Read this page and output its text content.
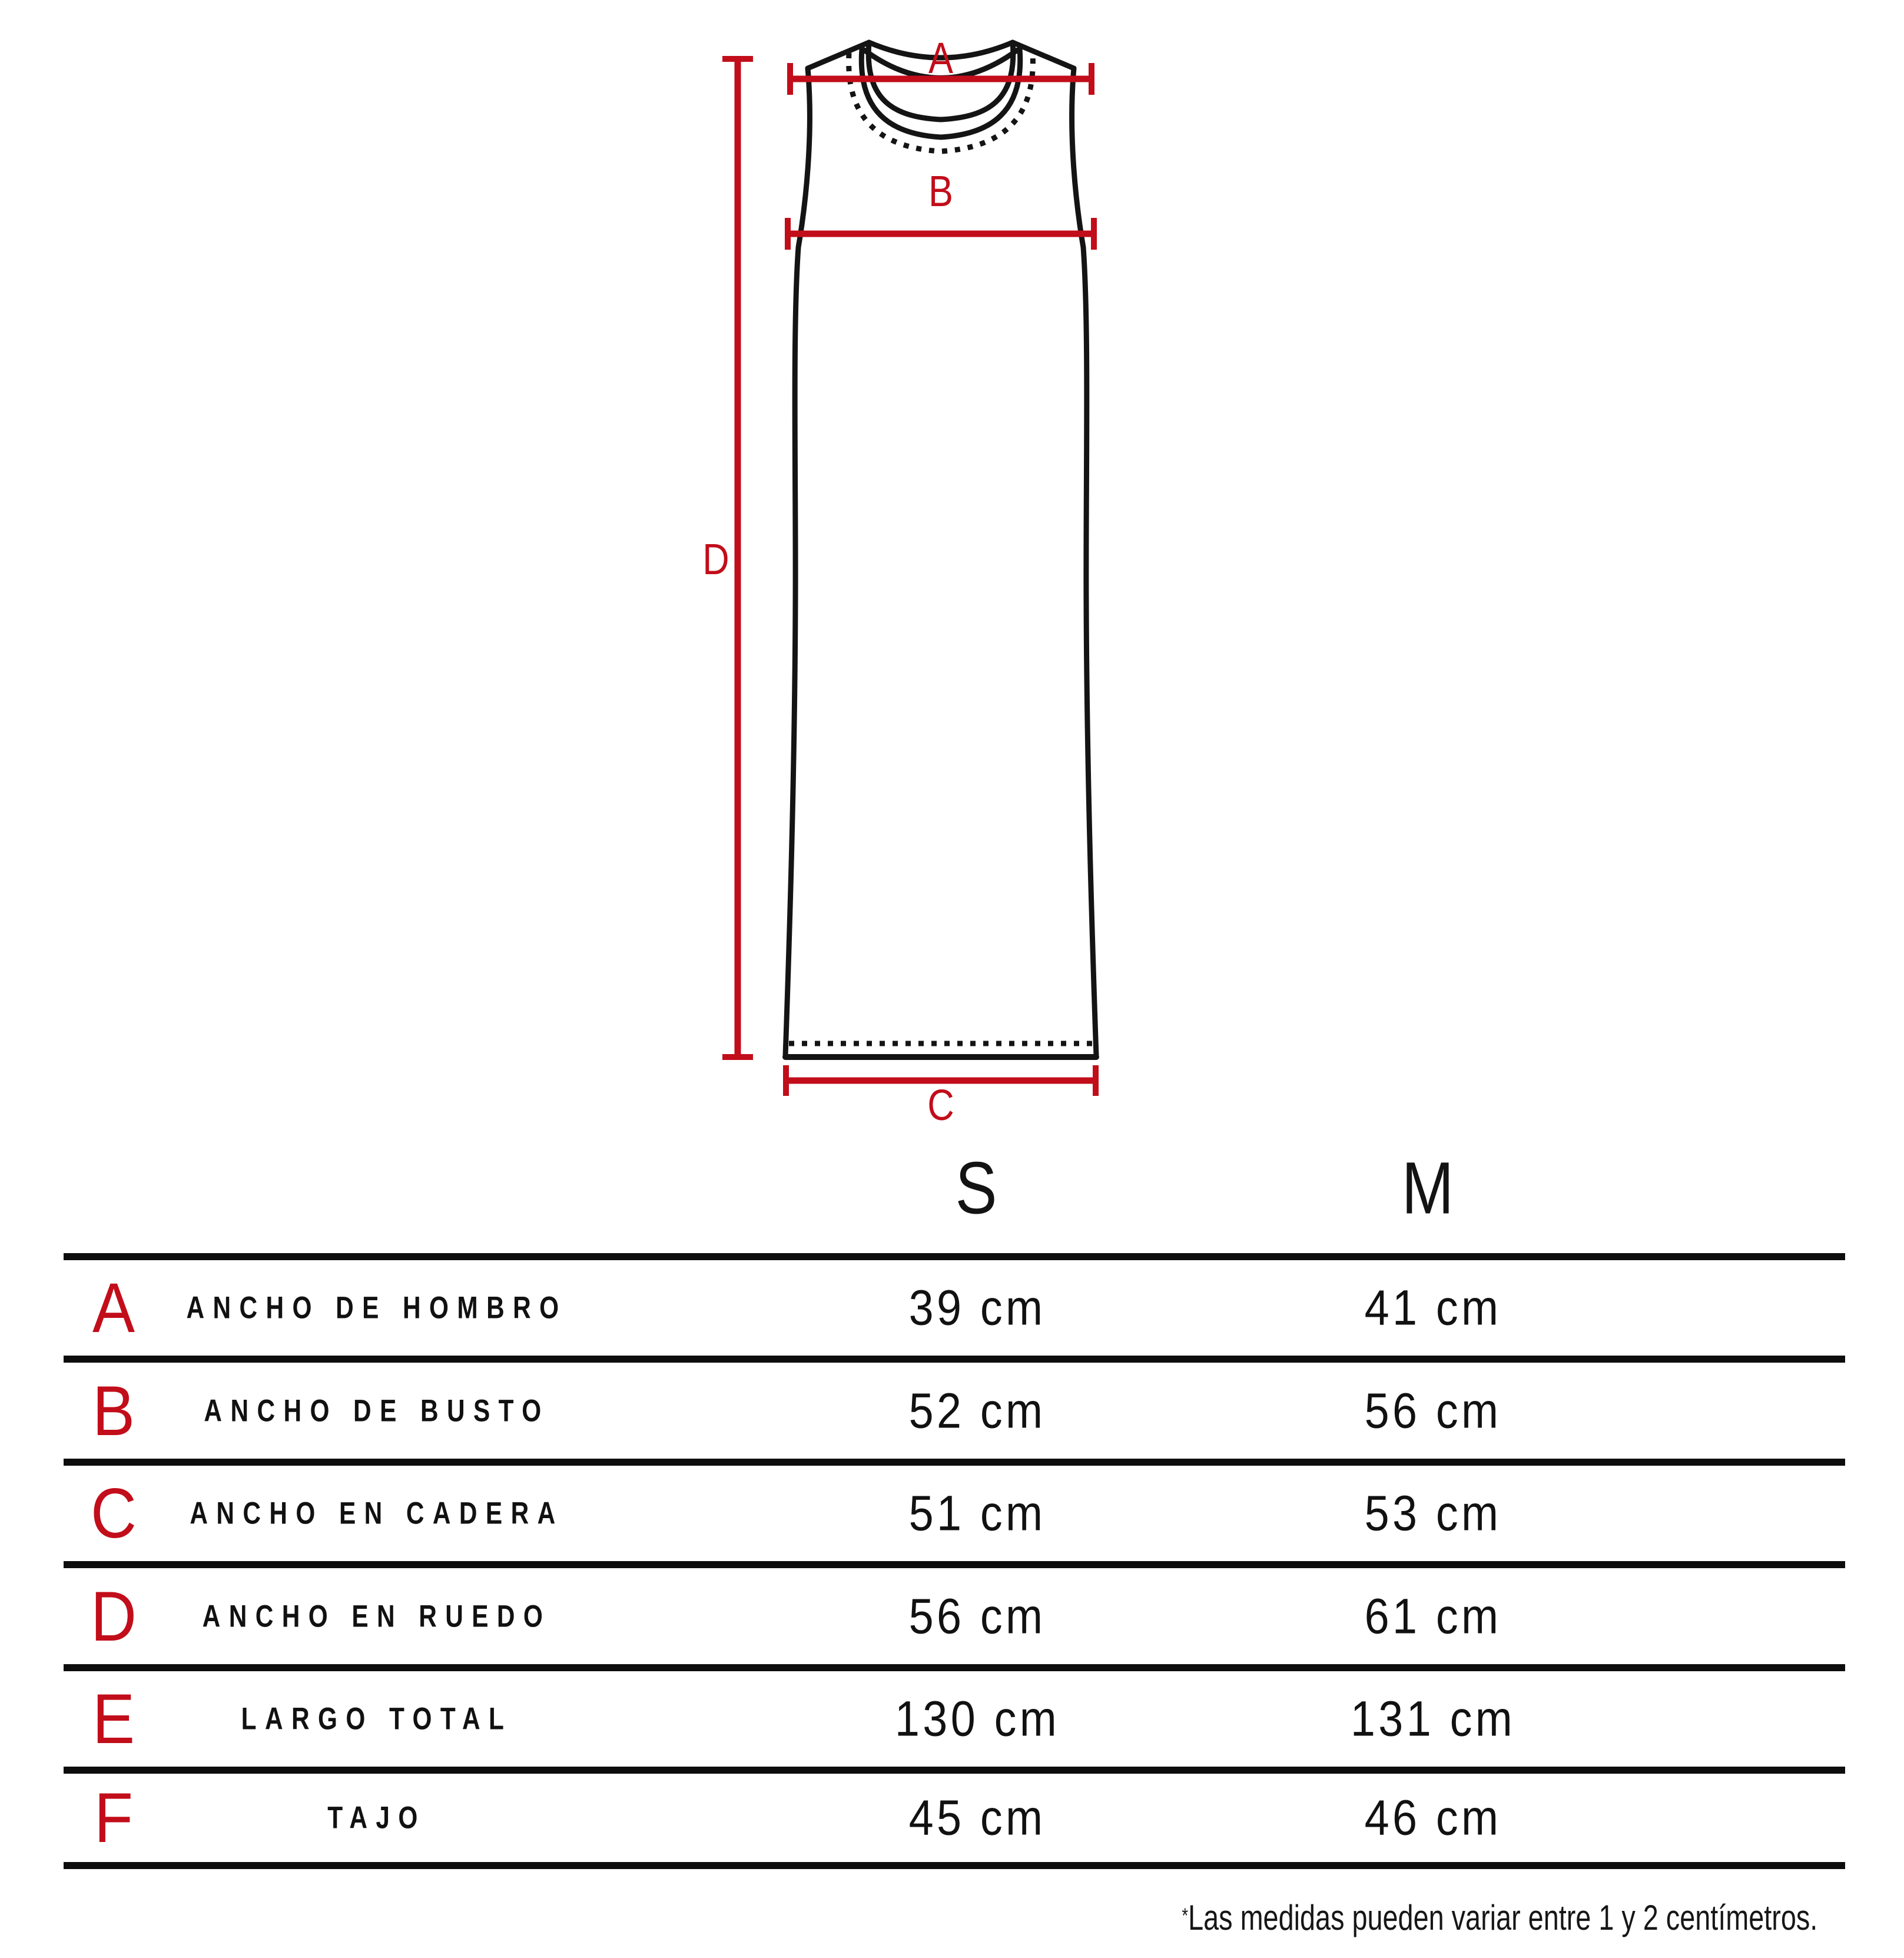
A
B
C
D
S	M
A	ANCHO DE HOMBRO	39 cm	41 cm
B	ANCHO DE BUSTO	52 cm	56 cm
C	ANCHO EN CADERA	51 cm	53 cm
D	ANCHO EN RUEDO	56 cm	61 cm
E	LARGO TOTAL	130 cm	131 cm
F	TAJO	45 cm	46 cm
*Las medidas pueden variar entre 1 y 2 centímetros.
